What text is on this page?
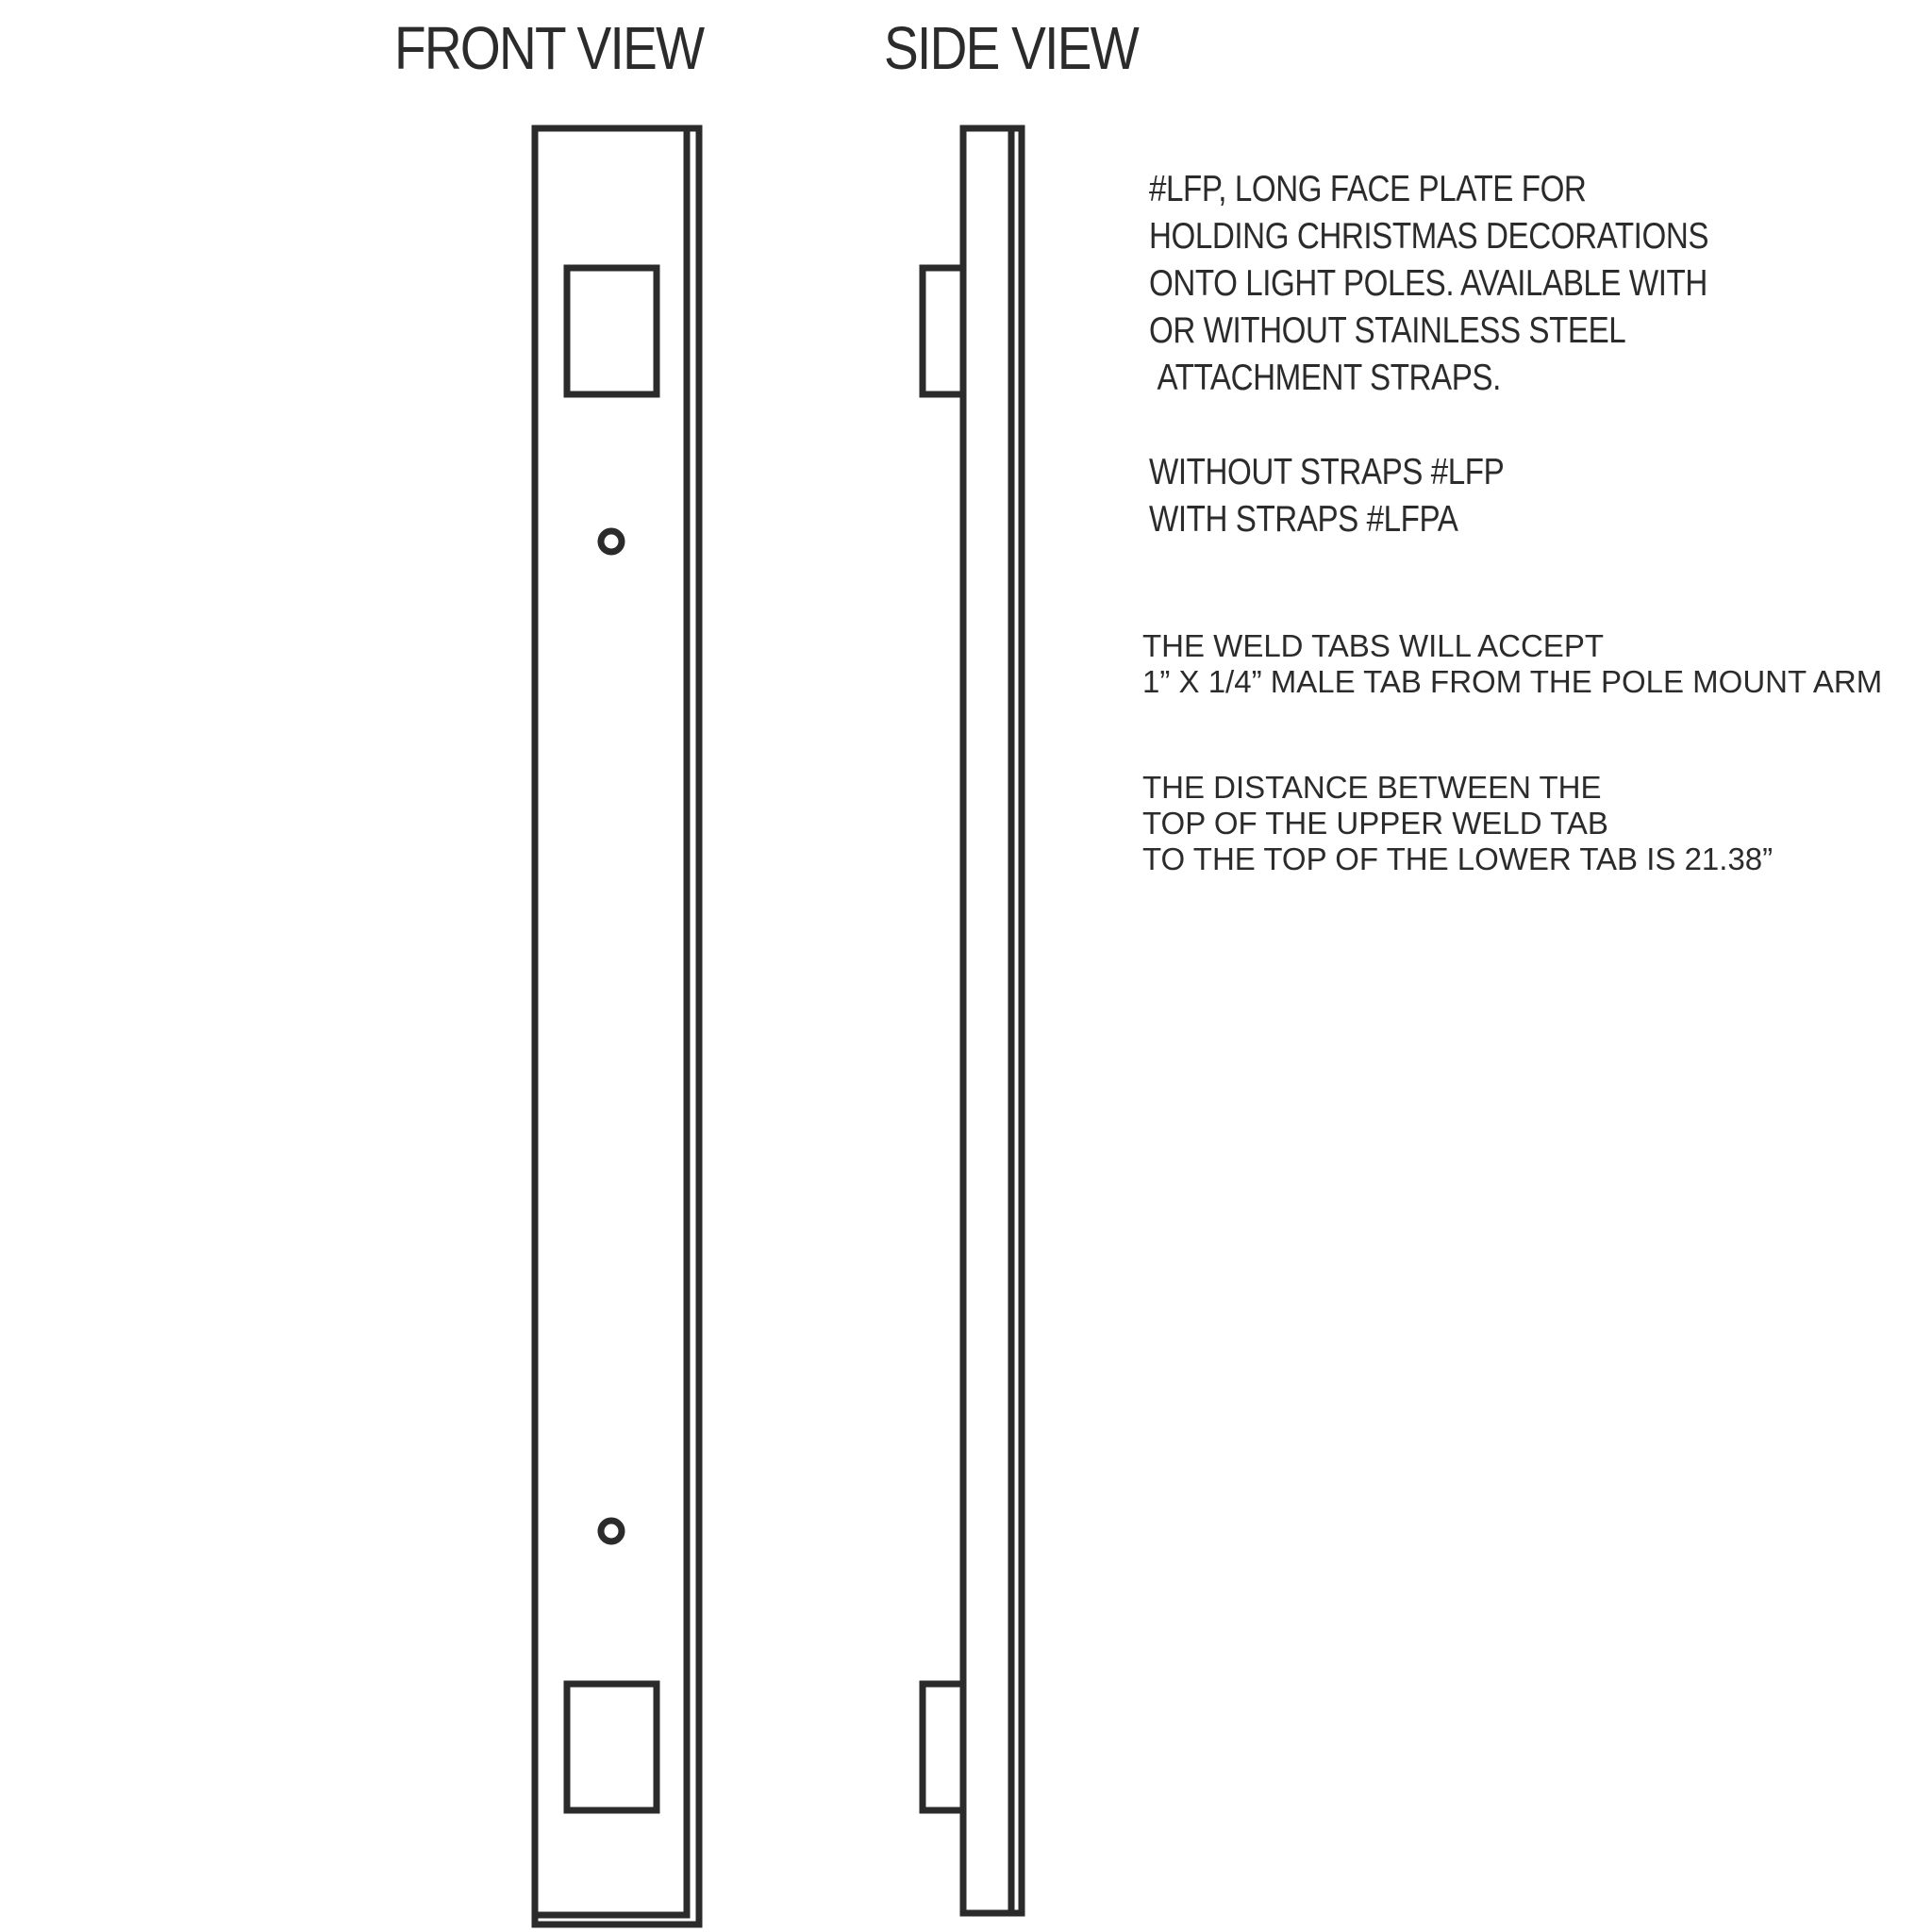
FRONT VIEW	SIDE VIEW
#LFP, LONG FACE PLATE FOR
HOLDING CHRISTMAS DECORATIONS
ONTO LIGHT POLES. AVAILABLE WITH
OR WITHOUT STAINLESS STEEL
ATTACHMENT STRAPS.
WITHOUT STRAPS #LFP
WITH STRAPS #LFPA
THE WELD TABS WILL ACCEPT
1” X 1/4” MALE TAB FROM THE POLE MOUNT ARM
THE DISTANCE BETWEEN THE
TOP OF THE UPPER WELD TAB
TO THE TOP OF THE LOWER TAB IS 21.38”
